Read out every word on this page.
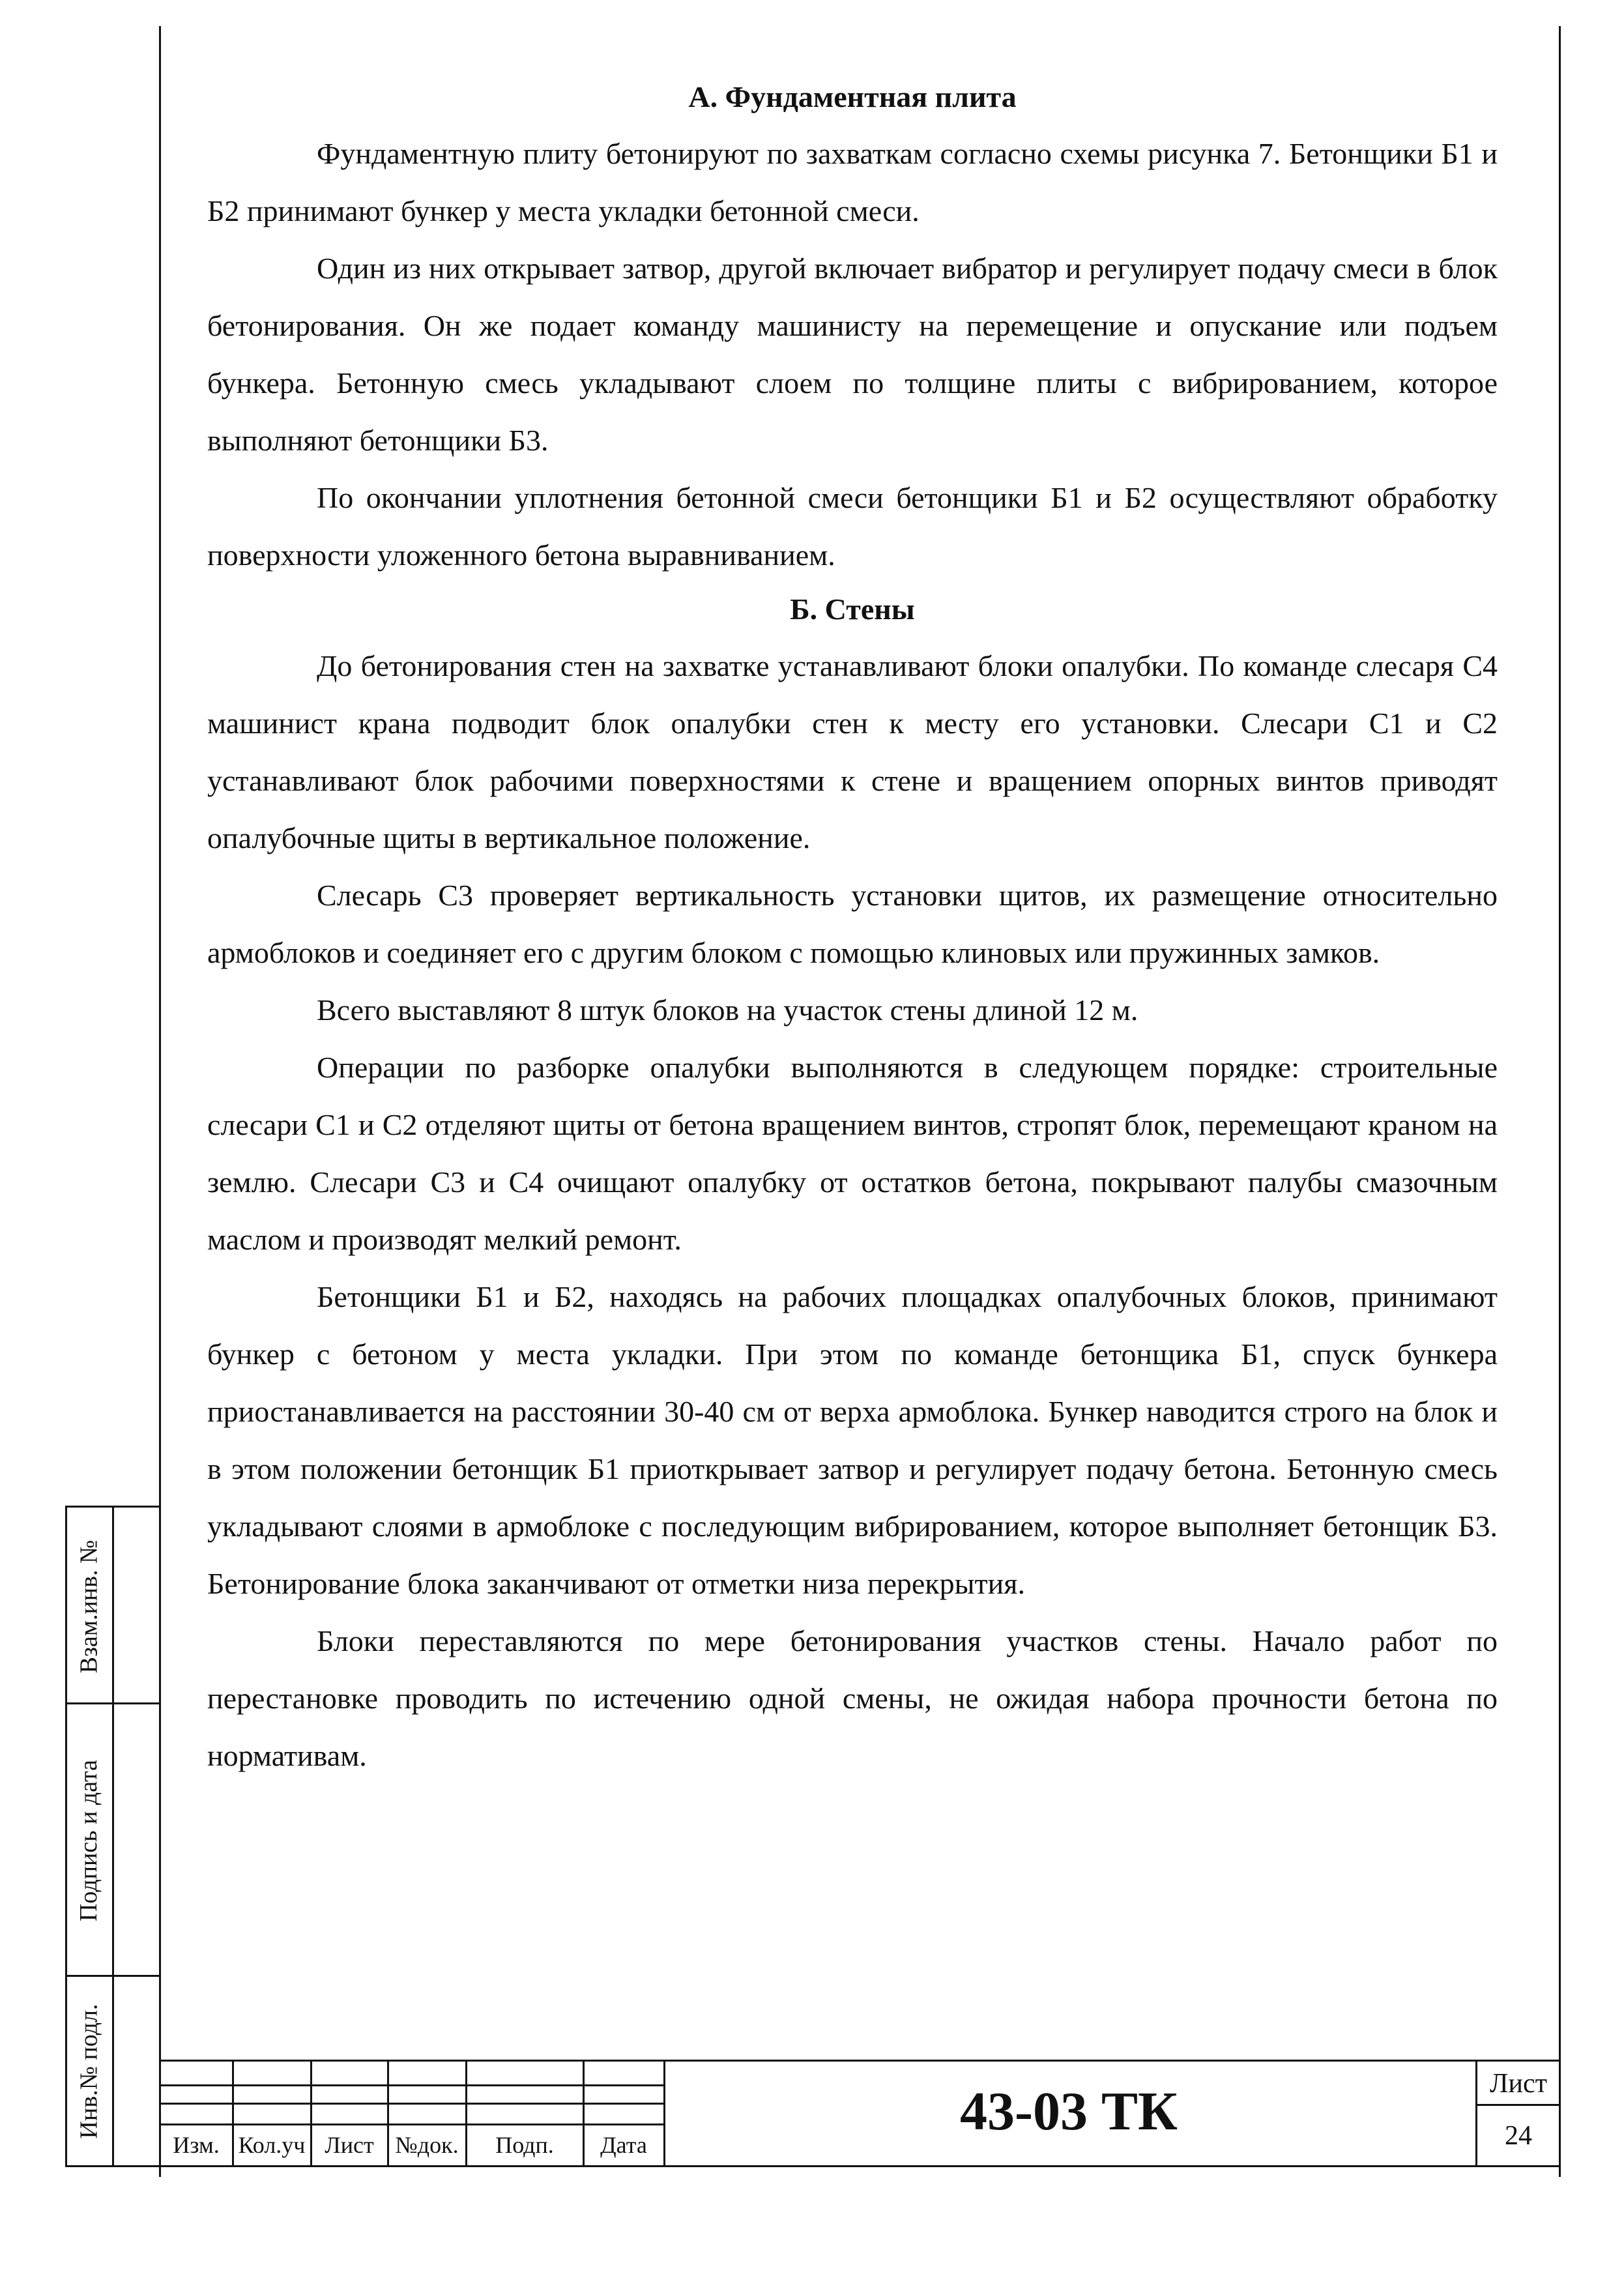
А. Фундаментная плита

Фундаментную плиту бетонируют по захваткам согласно схемы рисунка 7. Бетонщики Б1 и Б2 принимают бункер у места укладки бетонной смеси.

Один из них открывает затвор, другой включает вибратор и регулирует подачу смеси в блок бетонирования. Он же подает команду машинисту на перемещение и опускание или подъем бункера. Бетонную смесь укладывают слоем по толщине плиты с вибрированием, которое выполняют бетонщики Б3.

По окончании уплотнения бетонной смеси бетонщики Б1 и Б2 осуществляют обработку поверхности уложенного бетона выравниванием.

Б. Стены

До бетонирования стен на захватке устанавливают блоки опалубки. По команде слесаря С4 машинист крана подводит блок опалубки стен к месту его установки. Слесари С1 и С2 устанавливают блок рабочими поверхностями к стене и вращением опорных винтов приводят опалубочные щиты в вертикальное положение.

Слесарь С3 проверяет вертикальность установки щитов, их размещение относительно армоблоков и соединяет его с другим блоком с помощью клиновых или пружинных замков.

Всего выставляют 8 штук блоков на участок стены длиной 12 м.

Операции по разборке опалубки выполняются в следующем порядке: строительные слесари С1 и С2 отделяют щиты от бетона вращением винтов, стропят блок, перемещают краном на землю. Слесари С3 и С4 очищают опалубку от остатков бетона, покрывают палубы смазочным маслом и производят мелкий ремонт.

Бетонщики Б1 и Б2, находясь на рабочих площадках опалубочных блоков, принимают бункер с бетоном у места укладки. При этом по команде бетонщика Б1, спуск бункера приостанавливается на расстоянии 30-40 см от верха армоблока. Бункер наводится строго на блок и в этом положении бетонщик Б1 приоткрывает затвор и регулирует подачу бетона. Бетонную смесь укладывают слоями в армоблоке с последующим вибрированием, которое выполняет бетонщик Б3. Бетонирование блока заканчивают от отметки низа перекрытия.

Блоки переставляются по мере бетонирования участков стены. Начало работ по перестановке проводить по истечению одной смены, не ожидая набора прочности бетона по нормативам.

Взам.инв. №
Подпись и дата
Инв.№ подл.
Изм. Кол.уч Лист №док.	Подп.	Дата
43-03 ТК	Лист
24
